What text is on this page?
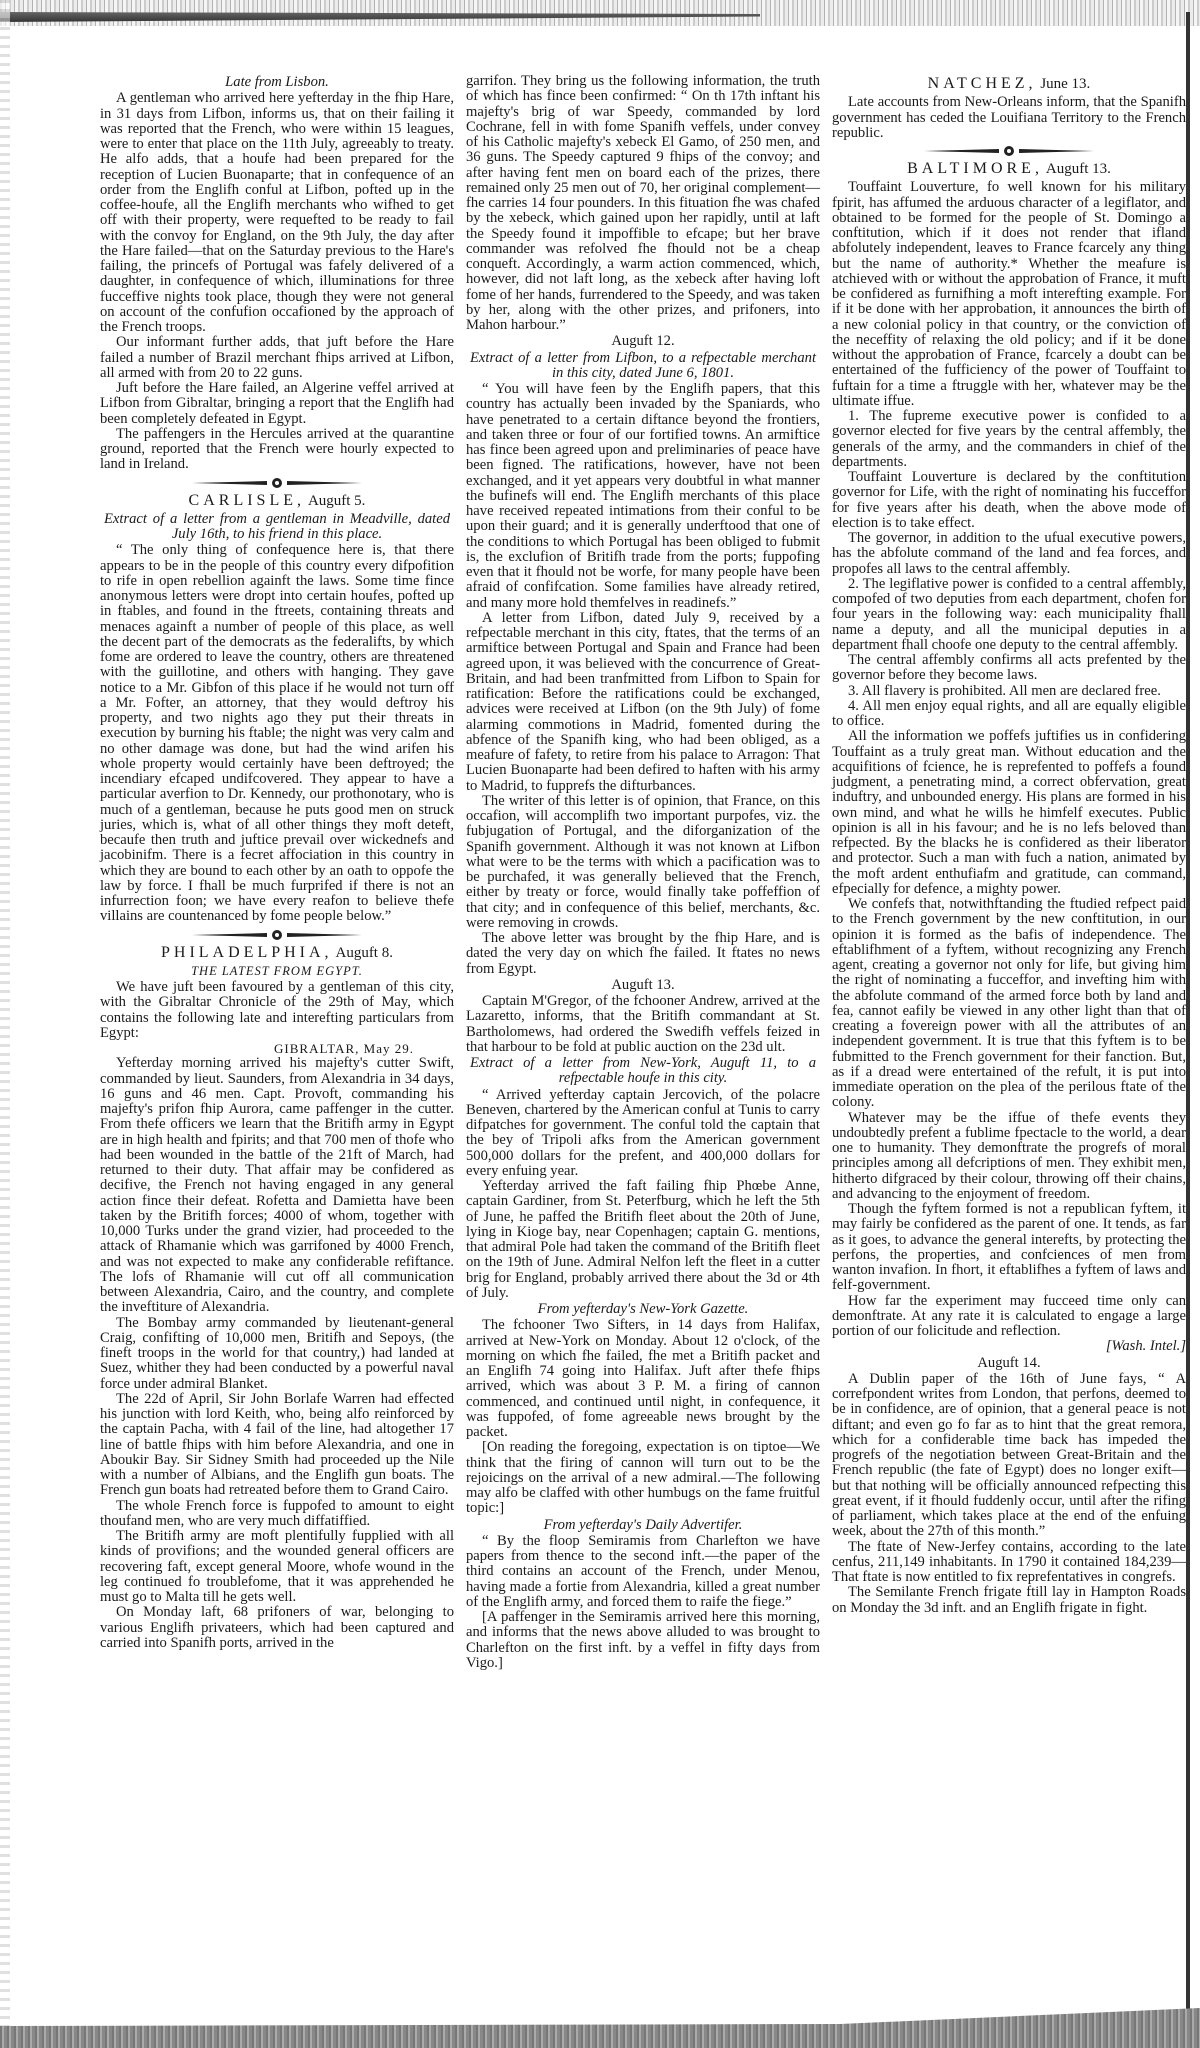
Late from Lisbon.
A gentleman who arrived here yefterday in the fhip Hare, in 31 days from Lifbon, informs us, that on their failing it was reported that the French, who were within 15 leagues, were to enter that place on the 11th July, agreeably to treaty. He alfo adds, that a houfe had been prepared for the reception of Lucien Buonaparte; that in confequence of an order from the Englifh conful at Lifbon, pofted up in the coffee-houfe, all the Englifh merchants who wifhed to get off with their property, were requefted to be ready to fail with the convoy for England, on the 9th July, the day after the Hare failed—that on the Saturday previous to the Hare's failing, the princefs of Portugal was fafely delivered of a daughter, in confequence of which, illuminations for three fucceffive nights took place, though they were not general on account of the confufion occafioned by the approach of the French troops.
Our informant further adds, that juft before the Hare failed a number of Brazil merchant fhips arrived at Lifbon, all armed with from 20 to 22 guns.
Juft before the Hare failed, an Algerine veffel arrived at Lifbon from Gibraltar, bringing a report that the Englifh had been completely defeated in Egypt.
The paffengers in the Hercules arrived at the quarantine ground, reported that the French were hourly expected to land in Ireland.
CARLISLE, Auguft 5.
Extract of a letter from a gentleman in Meadville, dated July 16th, to his friend in this place.
“ The only thing of confequence here is, that there appears to be in the people of this country every difpofition to rife in open rebellion againft the laws. Some time fince anonymous letters were dropt into certain houfes, pofted up in ftables, and found in the ftreets, containing threats and menaces againft a number of people of this place, as well the decent part of the democrats as the federalifts, by which fome are ordered to leave the country, others are threatened with the guillotine, and others with hanging. They gave notice to a Mr. Gibfon of this place if he would not turn off a Mr. Fofter, an attorney, that they would deftroy his property, and two nights ago they put their threats in execution by burning his ftable; the night was very calm and no other damage was done, but had the wind arifen his whole property would certainly have been deftroyed; the incendiary efcaped undifcovered. They appear to have a particular averfion to Dr. Kennedy, our prothonotary, who is much of a gentleman, because he puts good men on struck juries, which is, what of all other things they moft deteft, becaufe then truth and juftice prevail over wickednefs and jacobinifm. There is a fecret affociation in this country in which they are bound to each other by an oath to oppofe the law by force. I fhall be much furprifed if there is not an infurrection foon; we have every reafon to believe thefe villains are countenanced by fome people below.”
PHILADELPHIA, Auguft 8.
THE LATEST FROM EGYPT.
We have juft been favoured by a gentleman of this city, with the Gibraltar Chronicle of the 29th of May, which contains the following late and interefting particulars from Egypt:
GIBRALTAR, May 29.
Yefterday morning arrived his majefty's cutter Swift, commanded by lieut. Saunders, from Alexandria in 34 days, 16 guns and 46 men. Capt. Provoft, commanding his majefty's prifon fhip Aurora, came paffenger in the cutter. From thefe officers we learn that the Britifh army in Egypt are in high health and fpirits; and that 700 men of thofe who had been wounded in the battle of the 21ft of March, had returned to their duty. That affair may be confidered as decifive, the French not having engaged in any general action fince their defeat. Rofetta and Damietta have been taken by the Britifh forces; 4000 of whom, together with 10,000 Turks under the grand vizier, had proceeded to the attack of Rhamanie which was garrifoned by 4000 French, and was not expected to make any confiderable refiftance. The lofs of Rhamanie will cut off all communication between Alexandria, Cairo, and the country, and complete the inveftiture of Alexandria.
The Bombay army commanded by lieutenant-general Craig, confifting of 10,000 men, Britifh and Sepoys, (the fineft troops in the world for that country,) had landed at Suez, whither they had been conducted by a powerful naval force under admiral Blanket.
The 22d of April, Sir John Borlafe Warren had effected his junction with lord Keith, who, being alfo reinforced by the captain Pacha, with 4 fail of the line, had altogether 17 line of battle fhips with him before Alexandria, and one in Aboukir Bay. Sir Sidney Smith had proceeded up the Nile with a number of Albians, and the Englifh gun boats. The French gun boats had retreated before them to Grand Cairo.
The whole French force is fuppofed to amount to eight thoufand men, who are very much diffatiffied.
The Britifh army are moft plentifully fupplied with all kinds of provifions; and the wounded general officers are recovering faft, except general Moore, whofe wound in the leg continued fo troublefome, that it was apprehended he must go to Malta till he gets well.
On Monday laft, 68 prifoners of war, belonging to various Englifh privateers, which had been captured and carried into Spanifh ports, arrived in the
garrifon. They bring us the following information, the truth of which has fince been confirmed: “ On th 17th inftant his majefty's brig of war Speedy, commanded by lord Cochrane, fell in with fome Spanifh veffels, under convey of his Catholic majefty's xebeck El Gamo, of 250 men, and 36 guns. The Speedy captured 9 fhips of the convoy; and after having fent men on board each of the prizes, there remained only 25 men out of 70, her original complement—fhe carries 14 four pounders. In this fituation fhe was chafed by the xebeck, which gained upon her rapidly, until at laft the Speedy found it impoffible to efcape; but her brave commander was refolved fhe fhould not be a cheap conqueft. Accordingly, a warm action commenced, which, however, did not laft long, as the xebeck after having loft fome of her hands, furrendered to the Speedy, and was taken by her, along with the other prizes, and prifoners, into Mahon harbour.”
Auguft 12.
Extract of a letter from Lifbon, to a refpectable merchant in this city, dated June 6, 1801.
“ You will have feen by the Englifh papers, that this country has actually been invaded by the Spaniards, who have penetrated to a certain diftance beyond the frontiers, and taken three or four of our fortified towns. An armiftice has fince been agreed upon and preliminaries of peace have been figned. The ratifications, however, have not been exchanged, and it yet appears very doubtful in what manner the bufinefs will end. The Englifh merchants of this place have received repeated intimations from their conful to be upon their guard; and it is generally underftood that one of the conditions to which Portugal has been obliged to fubmit is, the exclufion of Britifh trade from the ports; fuppofing even that it fhould not be worfe, for many people have been afraid of confifcation. Some families have already retired, and many more hold themfelves in readinefs.”
A letter from Lifbon, dated July 9, received by a refpectable merchant in this city, ftates, that the terms of an armiftice between Portugal and Spain and France had been agreed upon, it was believed with the concurrence of Great-Britain, and had been tranfmitted from Lifbon to Spain for ratification: Before the ratifications could be exchanged, advices were received at Lifbon (on the 9th July) of fome alarming commotions in Madrid, fomented during the abfence of the Spanifh king, who had been obliged, as a meafure of fafety, to retire from his palace to Arragon: That Lucien Buonaparte had been defired to haften with his army to Madrid, to fupprefs the difturbances.
The writer of this letter is of opinion, that France, on this occafion, will accomplifh two important purpofes, viz. the fubjugation of Portugal, and the diforganization of the Spanifh government. Although it was not known at Lifbon what were to be the terms with which a pacification was to be purchafed, it was generally believed that the French, either by treaty or force, would finally take poffeffion of that city; and in confequence of this belief, merchants, &c. were removing in crowds.
The above letter was brought by the fhip Hare, and is dated the very day on which fhe failed. It ftates no news from Egypt.
Auguft 13.
Captain M'Gregor, of the fchooner Andrew, arrived at the Lazaretto, informs, that the Britifh commandant at St. Bartholomews, had ordered the Swedifh veffels feized in that harbour to be fold at public auction on the 23d ult.
Extract of a letter from New-York, Auguft 11, to a refpectable houfe in this city.
“ Arrived yefterday captain Jercovich, of the polacre Beneven, chartered by the American conful at Tunis to carry difpatches for government. The conful told the captain that the bey of Tripoli afks from the American government 500,000 dollars for the prefent, and 400,000 dollars for every enfuing year.
Yefterday arrived the faft failing fhip Phœbe Anne, captain Gardiner, from St. Peterfburg, which he left the 5th of June, he paffed the Britifh fleet about the 20th of June, lying in Kioge bay, near Copenhagen; captain G. mentions, that admiral Pole had taken the command of the Britifh fleet on the 19th of June. Admiral Nelfon left the fleet in a cutter brig for England, probably arrived there about the 3d or 4th of July.
From yefterday's New-York Gazette.
The fchooner Two Sifters, in 14 days from Halifax, arrived at New-York on Monday. About 12 o'clock, of the morning on which fhe failed, fhe met a Britifh packet and an Englifh 74 going into Halifax. Juft after thefe fhips arrived, which was about 3 P. M. a firing of cannon commenced, and continued until night, in confequence, it was fuppofed, of fome agreeable news brought by the packet.
[On reading the foregoing, expectation is on tiptoe—We think that the firing of cannon will turn out to be the rejoicings on the arrival of a new admiral.—The following may alfo be claffed with other humbugs on the fame fruitful topic:]
From yefterday's Daily Advertifer.
“ By the floop Semiramis from Charlefton we have papers from thence to the second inft.—the paper of the third contains an account of the French, under Menou, having made a fortie from Alexandria, killed a great number of the Englifh army, and forced them to raife the fiege.”
[A paffenger in the Semiramis arrived here this morning, and informs that the news above alluded to was brought to Charlefton on the first inft. by a veffel in fifty days from Vigo.]
NATCHEZ, June 13.
Late accounts from New-Orleans inform, that the Spanifh government has ceded the Louifiana Territory to the French republic.
BALTIMORE, Auguft 13.
Touffaint Louverture, fo well known for his military fpirit, has affumed the arduous character of a legiflator, and obtained to be formed for the people of St. Domingo a conftitution, which if it does not render that ifland abfolutely independent, leaves to France fcarcely any thing but the name of authority.* Whether the meafure is atchieved with or without the approbation of France, it muft be confidered as furnifhing a moft interefting example. For if it be done with her approbation, it announces the birth of a new colonial policy in that country, or the conviction of the neceffity of relaxing the old policy; and if it be done without the approbation of France, fcarcely a doubt can be entertained of the fufficiency of the power of Touffaint to fuftain for a time a ftruggle with her, whatever may be the ultimate iffue.
1. The fupreme executive power is confided to a governor elected for five years by the central affembly, the generals of the army, and the commanders in chief of the departments.
Touffaint Louverture is declared by the conftitution governor for Life, with the right of nominating his fucceffor for five years after his death, when the above mode of election is to take effect.
The governor, in addition to the ufual executive powers, has the abfolute command of the land and fea forces, and propofes all laws to the central affembly.
2. The legiflative power is confided to a central affembly, compofed of two deputies from each department, chofen for four years in the following way: each municipality fhall name a deputy, and all the municipal deputies in a department fhall choofe one deputy to the central affembly.
The central affembly confirms all acts prefented by the governor before they become laws.
3. All flavery is prohibited. All men are declared free.
4. All men enjoy equal rights, and all are equally eligible to office.
All the information we poffefs juftifies us in confidering Touffaint as a truly great man. Without education and the acquifitions of fcience, he is reprefented to poffefs a found judgment, a penetrating mind, a correct obfervation, great induftry, and unbounded energy. His plans are formed in his own mind, and what he wills he himfelf executes. Public opinion is all in his favour; and he is no lefs beloved than refpected. By the blacks he is confidered as their liberator and protector. Such a man with fuch a nation, animated by the moft ardent enthufiafm and gratitude, can command, efpecially for defence, a mighty power.
We confefs that, notwithftanding the ftudied refpect paid to the French government by the new conftitution, in our opinion it is formed as the bafis of independence. The eftablifhment of a fyftem, without recognizing any French agent, creating a governor not only for life, but giving him the right of nominating a fucceffor, and invefting him with the abfolute command of the armed force both by land and fea, cannot eafily be viewed in any other light than that of creating a fovereign power with all the attributes of an independent government. It is true that this fyftem is to be fubmitted to the French government for their fanction. But, as if a dread were entertained of the refult, it is put into immediate operation on the plea of the perilous ftate of the colony.
Whatever may be the iffue of thefe events they undoubtedly prefent a fublime fpectacle to the world, a dear one to humanity. They demonftrate the progrefs of moral principles among all defcriptions of men. They exhibit men, hitherto difgraced by their colour, throwing off their chains, and advancing to the enjoyment of freedom.
Though the fyftem formed is not a republican fyftem, it may fairly be confidered as the parent of one. It tends, as far as it goes, to advance the general interefts, by protecting the perfons, the properties, and confciences of men from wanton invafion. In fhort, it eftablifhes a fyftem of laws and felf-government.
How far the experiment may fucceed time only can demonftrate. At any rate it is calculated to engage a large portion of our folicitude and reflection.
[Wash. Intel.]
Auguft 14.
A Dublin paper of the 16th of June fays, “ A correfpondent writes from London, that perfons, deemed to be in confidence, are of opinion, that a general peace is not diftant; and even go fo far as to hint that the great remora, which for a confiderable time back has impeded the progrefs of the negotiation between Great-Britain and the French republic (the fate of Egypt) does no longer exift—but that nothing will be officially announced refpecting this great event, if it fhould fuddenly occur, until after the rifing of parliament, which takes place at the end of the enfuing week, about the 27th of this month.”
The ftate of New-Jerfey contains, according to the late cenfus, 211,149 inhabitants. In 1790 it contained 184,239—That ftate is now entitled to fix reprefentatives in congrefs.
The Semilante French frigate ftill lay in Hampton Roads on Monday the 3d inft. and an Englifh frigate in fight.
